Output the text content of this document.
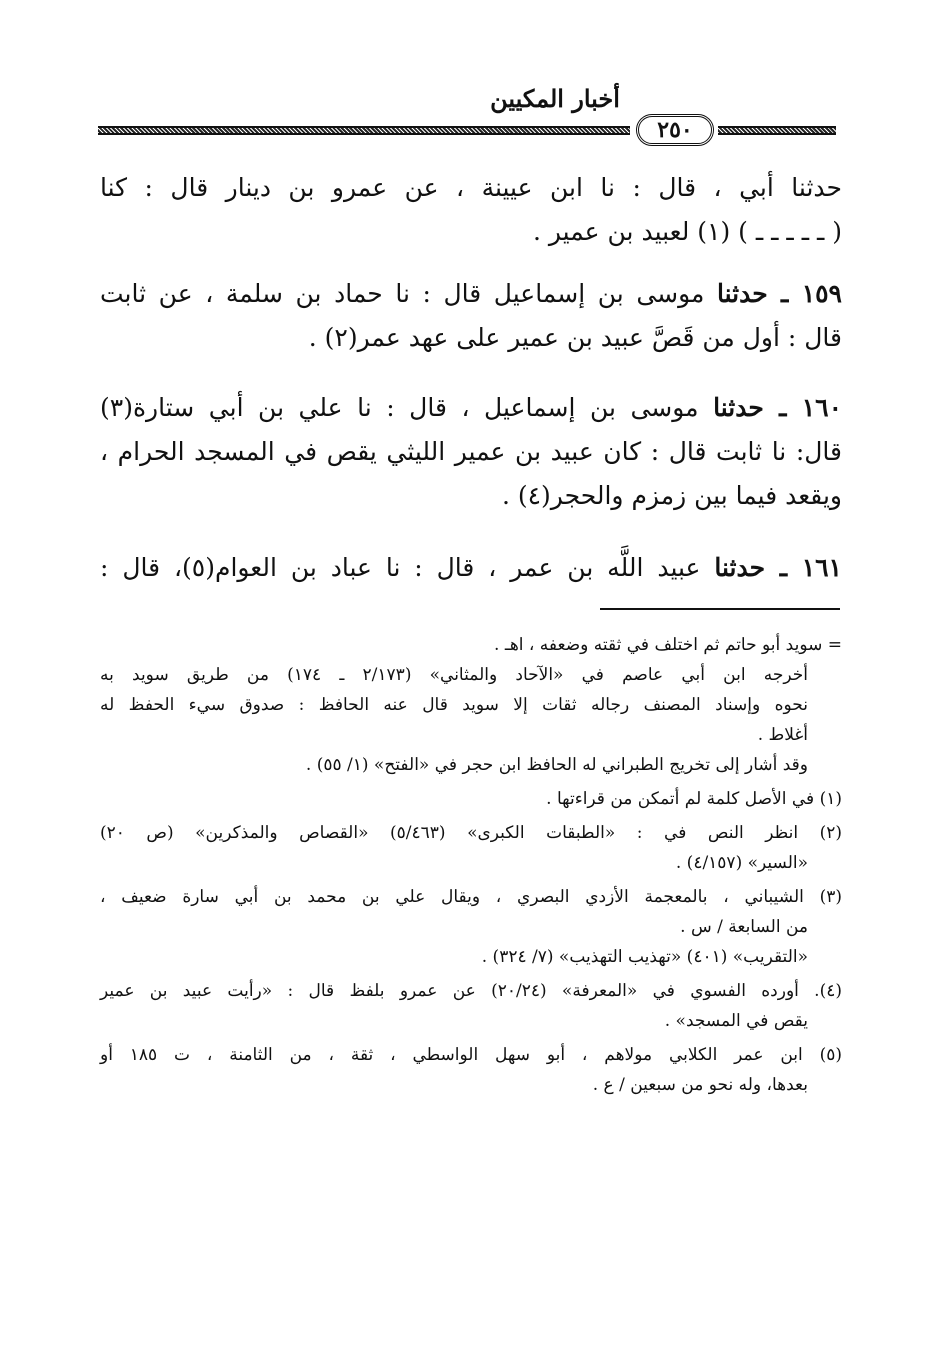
أخبار المكيين
٢٥٠
حدثنا أبي ، قال : نا ابن عيينة ، عن عمرو بن دينار قال : كنا
( ـ ـ ـ ـ ـ ) (١) لعبيد بن عمير .
١٥٩ ـ حدثنا موسى بن إسماعيل قال : نا حماد بن سلمة ، عن ثابت
قال : أول من قَصَّ عبيد بن عمير على عهد عمر(٢) .
١٦٠ ـ حدثنا موسى بن إسماعيل ، قال : نا علي بن أبي ستارة(٣)
قال: نا ثابت قال : كان عبيد بن عمير الليثي يقص في المسجد الحرام ،
ويقعد فيما بين زمزم والحجر(٤) .
١٦١ ـ حدثنا عبيد اللَّه بن عمر ، قال : نا عباد بن العوام(٥)، قال :
= سويد أبو حاتم ثم اختلف في ثقته وضعفه ، اهـ .
أخرجه ابن أبي عاصم في «الآحاد والمثاني» (٢/١٧٣ ـ ١٧٤) من طريق سويد به
نحوه وإسناد المصنف رجاله ثقات إلا سويد قال عنه الحافظ : صدوق سيء الحفظ له
أغلاط .
وقد أشار إلى تخريج الطبراني له الحافظ ابن حجر في «الفتح» (١/ ٥٥) .
(١) في الأصل كلمة لم أتمكن من قراءتها .
(٢) انظر النص في : «الطبقات الكبرى» (٥/٤٦٣) «القصاص والمذكرين» (ص ٢٠)
«السير» (٤/١٥٧) .
(٣) الشيباني ، بالمعجمة الأزدي البصري ، ويقال علي بن محمد بن أبي سارة ضعيف ،
من السابعة / س .
«التقريب» (٤٠١) «تهذيب التهذيب» (٧/ ٣٢٤) .
(٤). أورده الفسوي في «المعرفة» (٢٠/٢٤) عن عمرو بلفظ قال : «رأيت عبيد بن عمير
يقص في المسجد» .
(٥) ابن عمر الكلابي مولاهم ، أبو سهل الواسطي ، ثقة ، من الثامنة ، ت ١٨٥ أو
بعدها، وله نحو من سبعين / ع .
